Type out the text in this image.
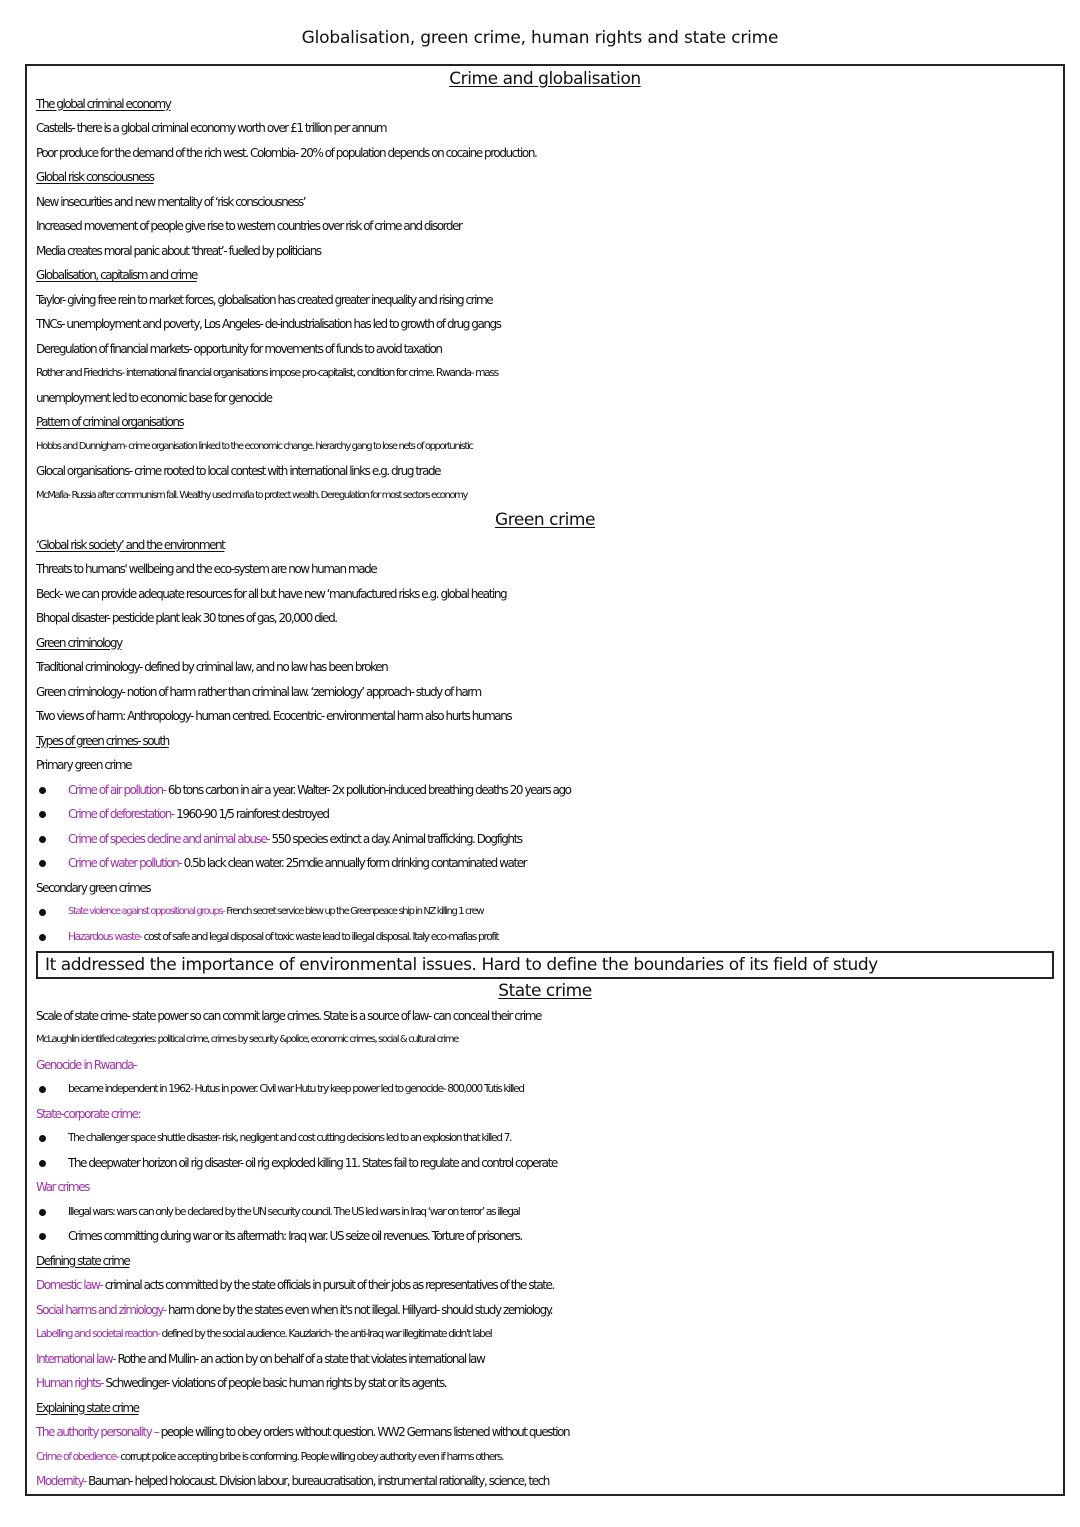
Globalisation, green crime, human rights and state crime
Crime and globalisation
The global criminal economy
Castells- there is a global criminal economy worth over £1 trillion per annum
Poor produce for the demand of the rich west. Colombia- 20% of population depends on cocaine production.
Global risk consciousness
New insecurities and new mentality of ‘risk consciousness’
Increased movement of people give rise to western countries over risk of crime and disorder
Media creates moral panic about ‘threat’- fuelled by politicians
Globalisation, capitalism and crime
Taylor- giving free rein to market forces, globalisation has created greater inequality and rising crime
TNCs- unemployment and poverty, Los Angeles- de-industrialisation has led to growth of drug gangs
Deregulation of financial markets- opportunity for movements of funds to avoid taxation
Rother and Friedrichs- international financial organisations impose pro-capitalist, condition for crime. Rwanda- mass
unemployment led to economic base for genocide
Pattern of criminal organisations
Hobbs and Dunnigham- crime organisation linked to the economic change. hierarchy gang to lose nets of opportunistic
Glocal organisations- crime rooted to local contest with international links e.g. drug trade
McMafia- Russia after communism fall. Wealthy used mafia to protect wealth. Deregulation for most sectors economy
Green crime
‘Global risk society’ and the environment
Threats to humans' wellbeing and the eco-system are now human made
Beck- we can provide adequate resources for all but have new ‘manufactured risks e.g. global heating
Bhopal disaster- pesticide plant leak 30 tones of gas, 20,000 died.
Green criminology
Traditional criminology- defined by criminal law, and no law has been broken
Green criminology- notion of harm rather than criminal law. ‘zemiology’ approach- study of harm
Two views of harm: Anthropology- human centred. Ecocentric- environmental harm also hurts humans
Types of green crimes- south
Primary green crime
Crime of air pollution- 6b tons carbon in air a year. Walter- 2x pollution-induced breathing deaths 20 years ago
Crime of deforestation- 1960-90 1/5 rainforest destroyed
Crime of species decline and animal abuse- 550 species extinct a day. Animal trafficking. Dogfights
Crime of water pollution- 0.5b lack clean water. 25mdie annually form drinking contaminated water
Secondary green crimes
State violence against oppositional groups- French secret service blew up the Greenpeace ship in NZ killing 1 crew
Hazardous waste- cost of safe and legal disposal of toxic waste lead to illegal disposal. Italy eco-mafias profit
It addressed the importance of environmental issues. Hard to define the boundaries of its field of study
State crime
Scale of state crime- state power so can commit large crimes. State is a source of law- can conceal their crime
McLaughlin identified categories: political crime, crimes by security &police, economic crimes, social & cultural crime
Genocide in Rwanda-
became independent in 1962- Hutus in power. Civil war Hutu try keep power led to genocide- 800,000 Tutis killed
State-corporate crime:
The challenger space shuttle disaster- risk, negligent and cost cutting decisions led to an explosion that killed 7.
The deepwater horizon oil rig disaster- oil rig exploded killing 11. States fail to regulate and control coperate
War crimes
Illegal wars: wars can only be declared by the UN security council. The US led wars in Iraq ‘war on terror’ as illegal
Crimes committing during war or its aftermath: Iraq war. US seize oil revenues. Torture of prisoners.
Defining state crime
Domestic law- criminal acts committed by the state officials in pursuit of their jobs as representatives of the state.
Social harms and zimiology- harm done by the states even when it's not illegal. Hillyard- should study zemiology.
Labelling and societal reaction- defined by the social audience. Kauzlarich- the anti-Iraq war illegitimate didn't label
International law- Rothe and Mullin- an action by on behalf of a state that violates international law
Human rights- Schwedinger- violations of people basic human rights by stat or its agents.
Explaining state crime
The authority personality – people willing to obey orders without question. WW2 Germans listened without question
Crime of obedience- corrupt police accepting bribe is conforming. People willing obey authority even if harms others.
Modernity- Bauman- helped holocaust. Division labour, bureaucratisation, instrumental rationality, science, tech
